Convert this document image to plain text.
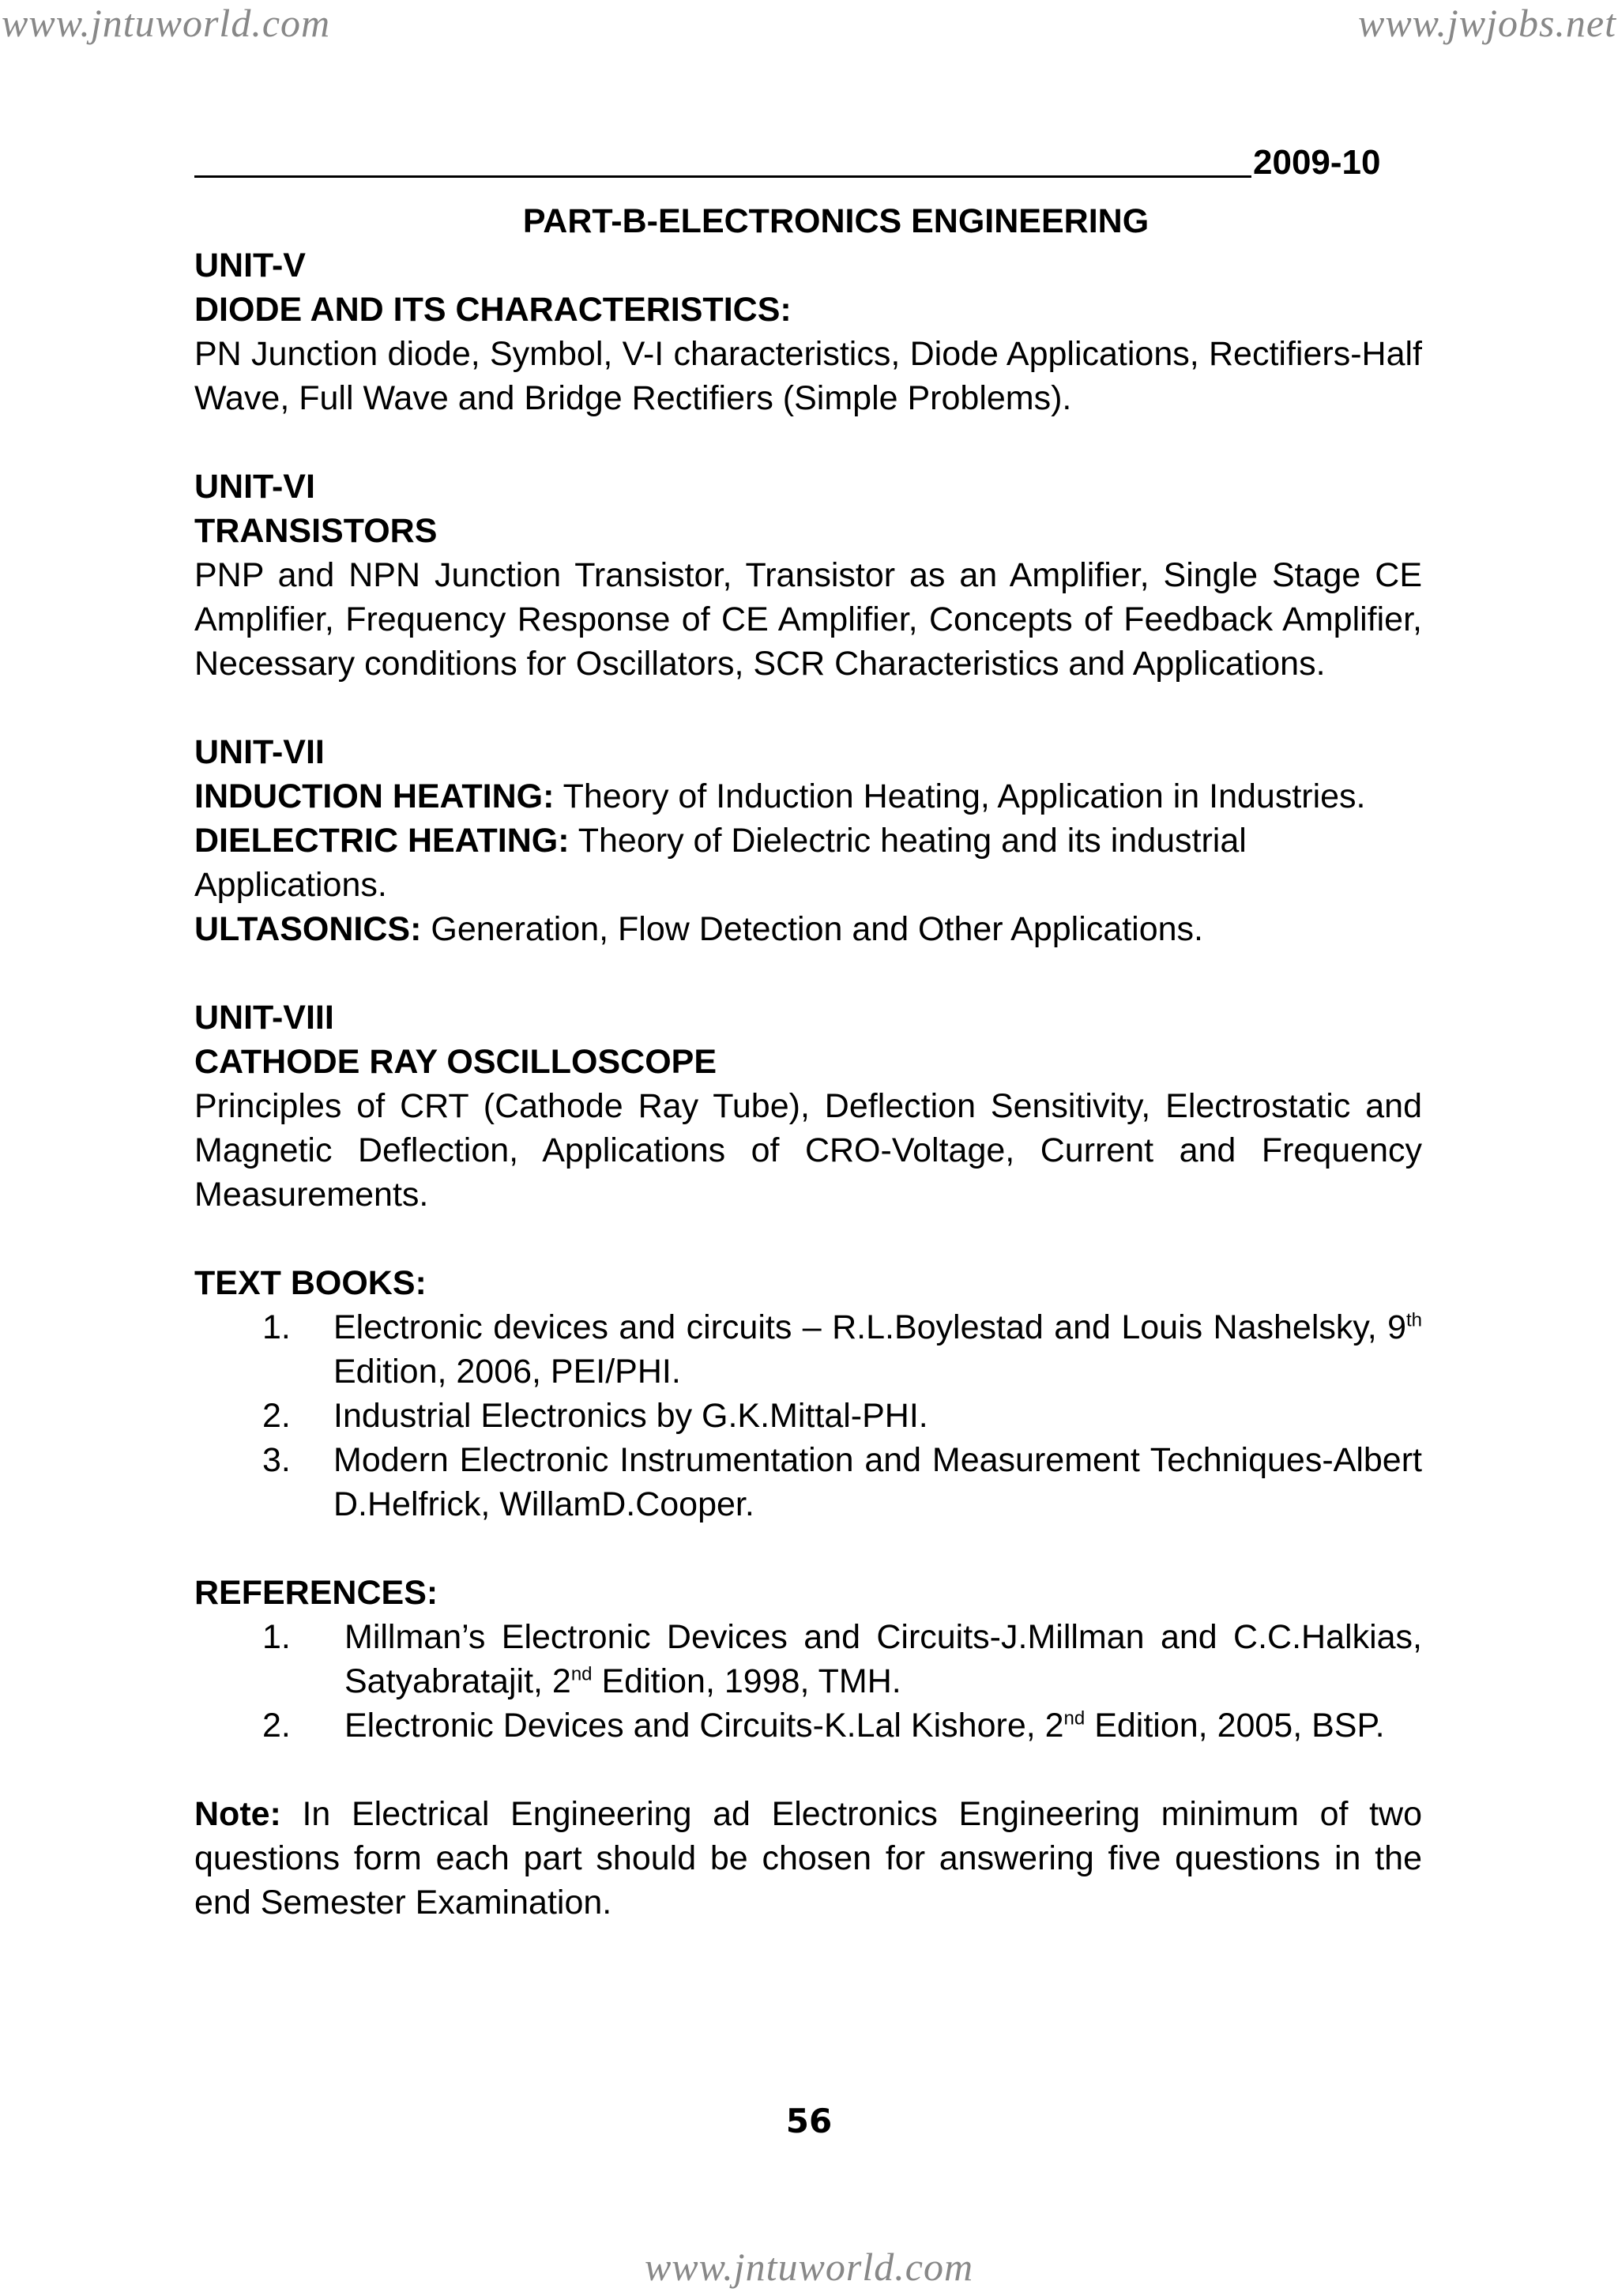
www.jntuworld.com	www.jwjobs.net
2009-10
PART-B-ELECTRONICS ENGINEERING
UNIT-V
DIODE AND ITS CHARACTERISTICS:
PN Junction diode, Symbol, V-I characteristics, Diode Applications, Rectifiers-Half Wave, Full Wave and Bridge Rectifiers (Simple Problems).
UNIT-VI
TRANSISTORS
PNP and NPN Junction Transistor, Transistor as an Amplifier, Single Stage CE Amplifier, Frequency Response of CE Amplifier, Concepts of Feedback Amplifier, Necessary conditions for Oscillators, SCR Characteristics and Applications.
UNIT-VII
INDUCTION HEATING: Theory of Induction Heating, Application in Industries.
DIELECTRIC HEATING: Theory of Dielectric heating and its industrial Applications.
ULTASONICS: Generation, Flow Detection and Other Applications.
UNIT-VIII
CATHODE RAY OSCILLOSCOPE
Principles of CRT (Cathode Ray Tube), Deflection Sensitivity, Electrostatic and Magnetic Deflection, Applications of CRO-Voltage, Current and Frequency Measurements.
TEXT BOOKS:
1. Electronic devices and circuits – R.L.Boylestad and Louis Nashelsky, 9th Edition, 2006, PEI/PHI.
2. Industrial Electronics by G.K.Mittal-PHI.
3. Modern Electronic Instrumentation and Measurement Techniques-Albert D.Helfrick, WillamD.Cooper.
REFERENCES:
1. Millman’s Electronic Devices and Circuits-J.Millman and C.C.Halkias, Satyabratajit, 2nd Edition, 1998, TMH.
2. Electronic Devices and Circuits-K.Lal Kishore, 2nd Edition, 2005, BSP.
Note: In Electrical Engineering ad Electronics Engineering minimum of two questions form each part should be chosen for answering five questions in the end Semester Examination.
56
www.jntuworld.com
